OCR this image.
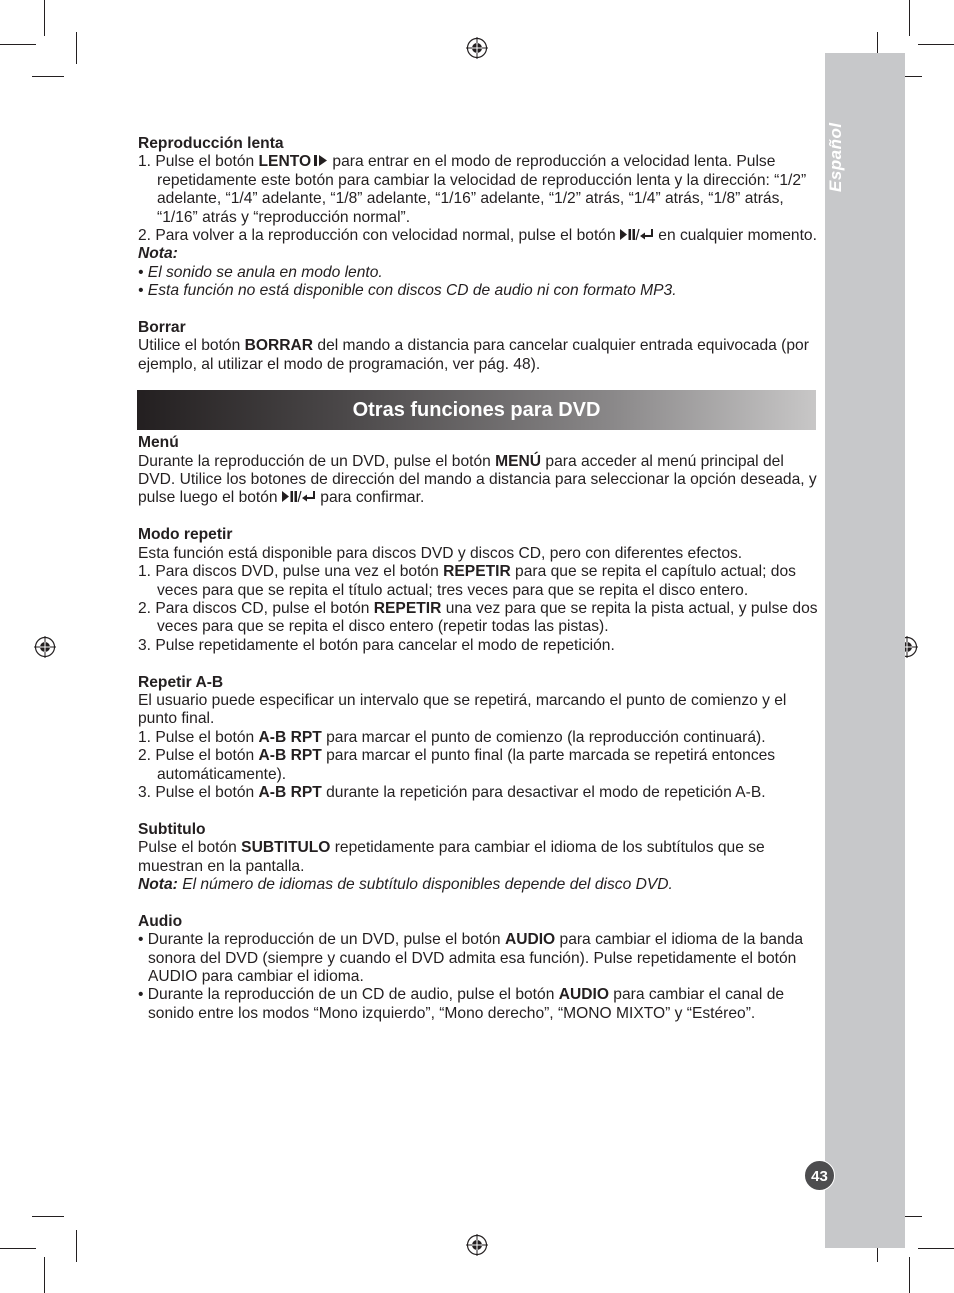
Español
43

Reproducción lenta

1. Pulse el botón LENTO para entrar en el modo de reproducción a velocidad lenta. Pulse repetidamente este botón para cambiar la velocidad de reproducción lenta y la dirección: “1/2” adelante, “1/4” adelante, “1/8” adelante, “1/16” adelante, “1/2” atrás, “1/4” atrás, “1/8” atrás, “1/16” atrás y “reproducción normal”.

2. Para volver a la reproducción con velocidad normal, pulse el botón  en cualquier momento.

Nota:

• El sonido se anula en modo lento.

• Esta función no está disponible con discos CD de audio ni con formato MP3.

Borrar

Utilice el botón BORRAR del mando a distancia para cancelar cualquier entrada equivocada (por ejemplo, al utilizar el modo de programación, ver pág. 48).

Otras funciones para DVD

Menú

Durante la reproducción de un DVD, pulse el botón MENÚ para acceder al menú principal del DVD. Utilice los botones de dirección del mando a distancia para seleccionar la opción deseada, y pulse luego el botón  para confirmar.

Modo repetir

Esta función está disponible para discos DVD y discos CD, pero con diferentes efectos.

1. Para discos DVD, pulse una vez el botón REPETIR para que se repita el capítulo actual; dos veces para que se repita el título actual; tres veces para que se repita el disco entero.

2. Para discos CD, pulse el botón REPETIR una vez para que se repita la pista actual, y pulse dos veces para que se repita el disco entero (repetir todas las pistas).

3. Pulse repetidamente el botón para cancelar el modo de repetición.

Repetir A-B

El usuario puede especificar un intervalo que se repetirá, marcando el punto de comienzo y el punto final.

1. Pulse el botón A-B RPT para marcar el punto de comienzo (la reproducción continuará).

2. Pulse el botón A-B RPT para marcar el punto final (la parte marcada se repetirá entonces automáticamente).

3. Pulse el botón A-B RPT durante la repetición para desactivar el modo de repetición A-B.

Subtitulo

Pulse el botón SUBTITULO repetidamente para cambiar el idioma de los subtítulos que se muestran en la pantalla.

Nota: El número de idiomas de subtítulo disponibles depende del disco DVD.

Audio

• Durante la reproducción de un DVD, pulse el botón AUDIO para cambiar el idioma de la banda sonora del DVD (siempre y cuando el DVD admita esa función). Pulse repetidamente el botón AUDIO para cambiar el idioma.

• Durante la reproducción de un CD de audio, pulse el botón AUDIO para cambiar el canal de sonido entre los modos “Mono izquierdo”, “Mono derecho”, “MONO MIXTO” y “Estéreo”.
